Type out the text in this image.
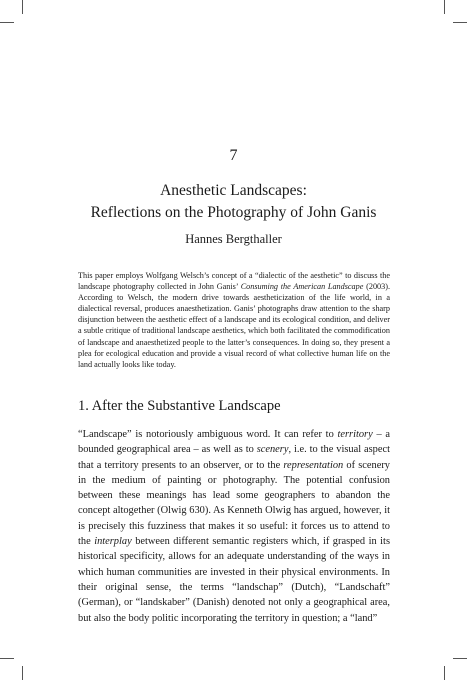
7
Anesthetic Landscapes:
Reflections on the Photography of John Ganis
Hannes Bergthaller

This paper employs Wolfgang Welsch’s concept of a “dialectic of the aesthetic” to discuss the landscape photography collected in John Ganis’ Consuming the American Landscape (2003). According to Welsch, the modern drive towards aestheticization of the life world, in a dialectical reversal, produces anaesthetization. Ganis’ photographs draw attention to the sharp disjunction between the aesthetic effect of a landscape and its ecological condition, and deliver a subtle critique of traditional landscape aesthetics, which both facilitated the commodification of landscape and anaesthetized people to the latter’s consequences. In doing so, they present a plea for ecological education and provide a visual record of what collective human life on the land actually looks like today.

1. After the Substantive Landscape

“Landscape” is notoriously ambiguous word. It can refer to territory – a bounded geographical area – as well as to scenery, i.e. to the visual aspect that a territory presents to an observer, or to the representation of scenery in the medium of painting or photography. The potential confusion between these meanings has lead some geographers to abandon the concept altogether (Olwig 630). As Kenneth Olwig has argued, however, it is precisely this fuzziness that makes it so useful: it forces us to attend to the interplay between different semantic registers which, if grasped in its historical specificity, allows for an adequate understanding of the ways in which human communities are invested in their physical environments. In their original sense, the terms “landschap” (Dutch), “Landschaft” (German), or “landskaber” (Danish) denoted not only a geographical area, but also the body politic incorporating the territory in question; a “land”
